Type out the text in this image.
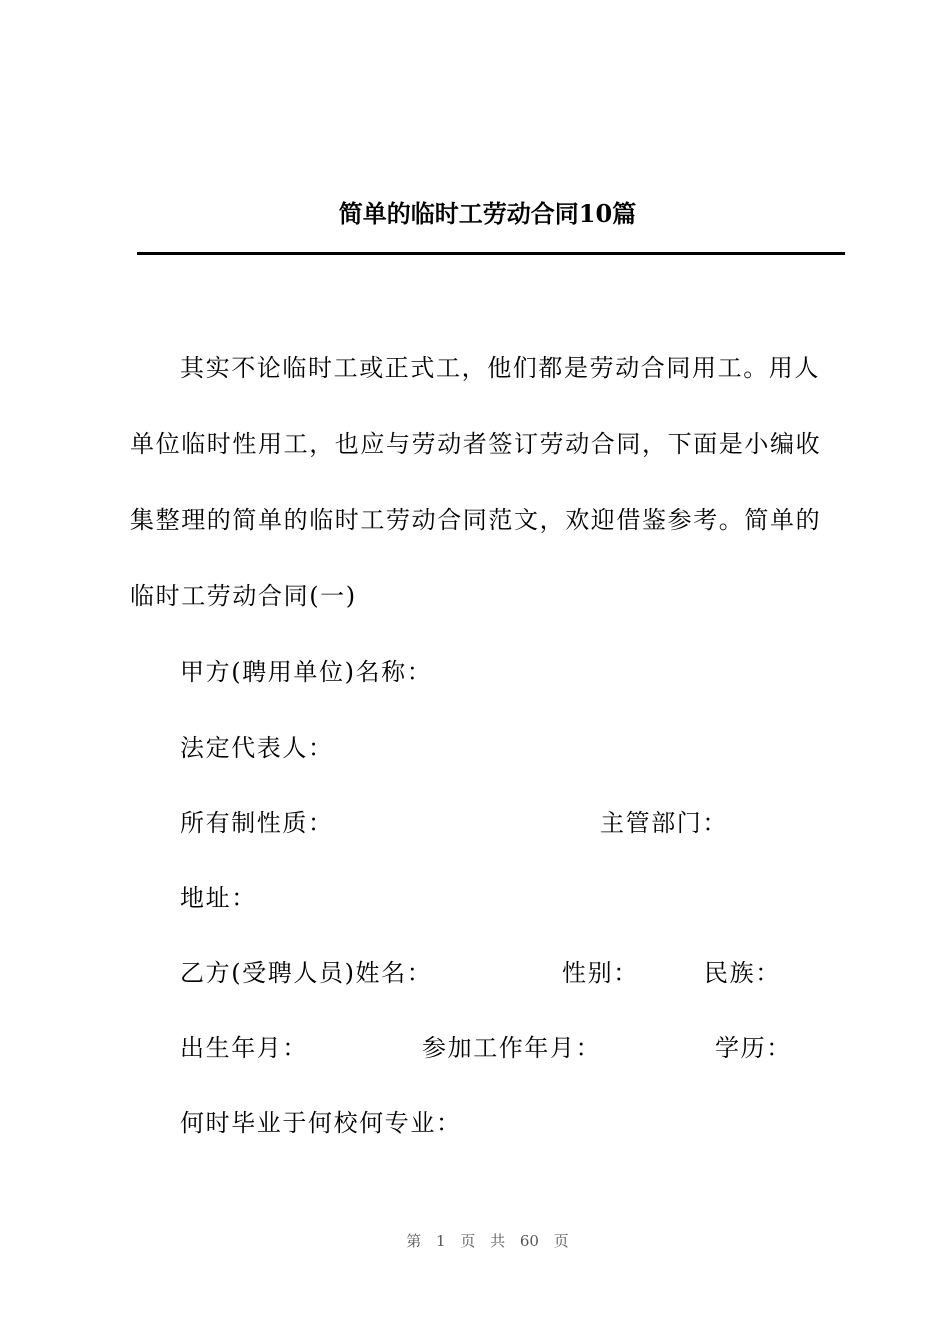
简单的临时工劳动合同10篇

其实不论临时工或正式工，他们都是劳动合同用工。用人单位临时性用工，也应与劳动者签订劳动合同，下面是小编收集整理的简单的临时工劳动合同范文，欢迎借鉴参考。简单的临时工劳动合同(一)

甲方(聘用单位)名称：
法定代表人：
所有制性质：	主管部门：
地址：
乙方(受聘人员)姓名：	性别：	民族：
出生年月：	参加工作年月：	学历：
何时毕业于何校何专业：
第 1 页 共 60 页
